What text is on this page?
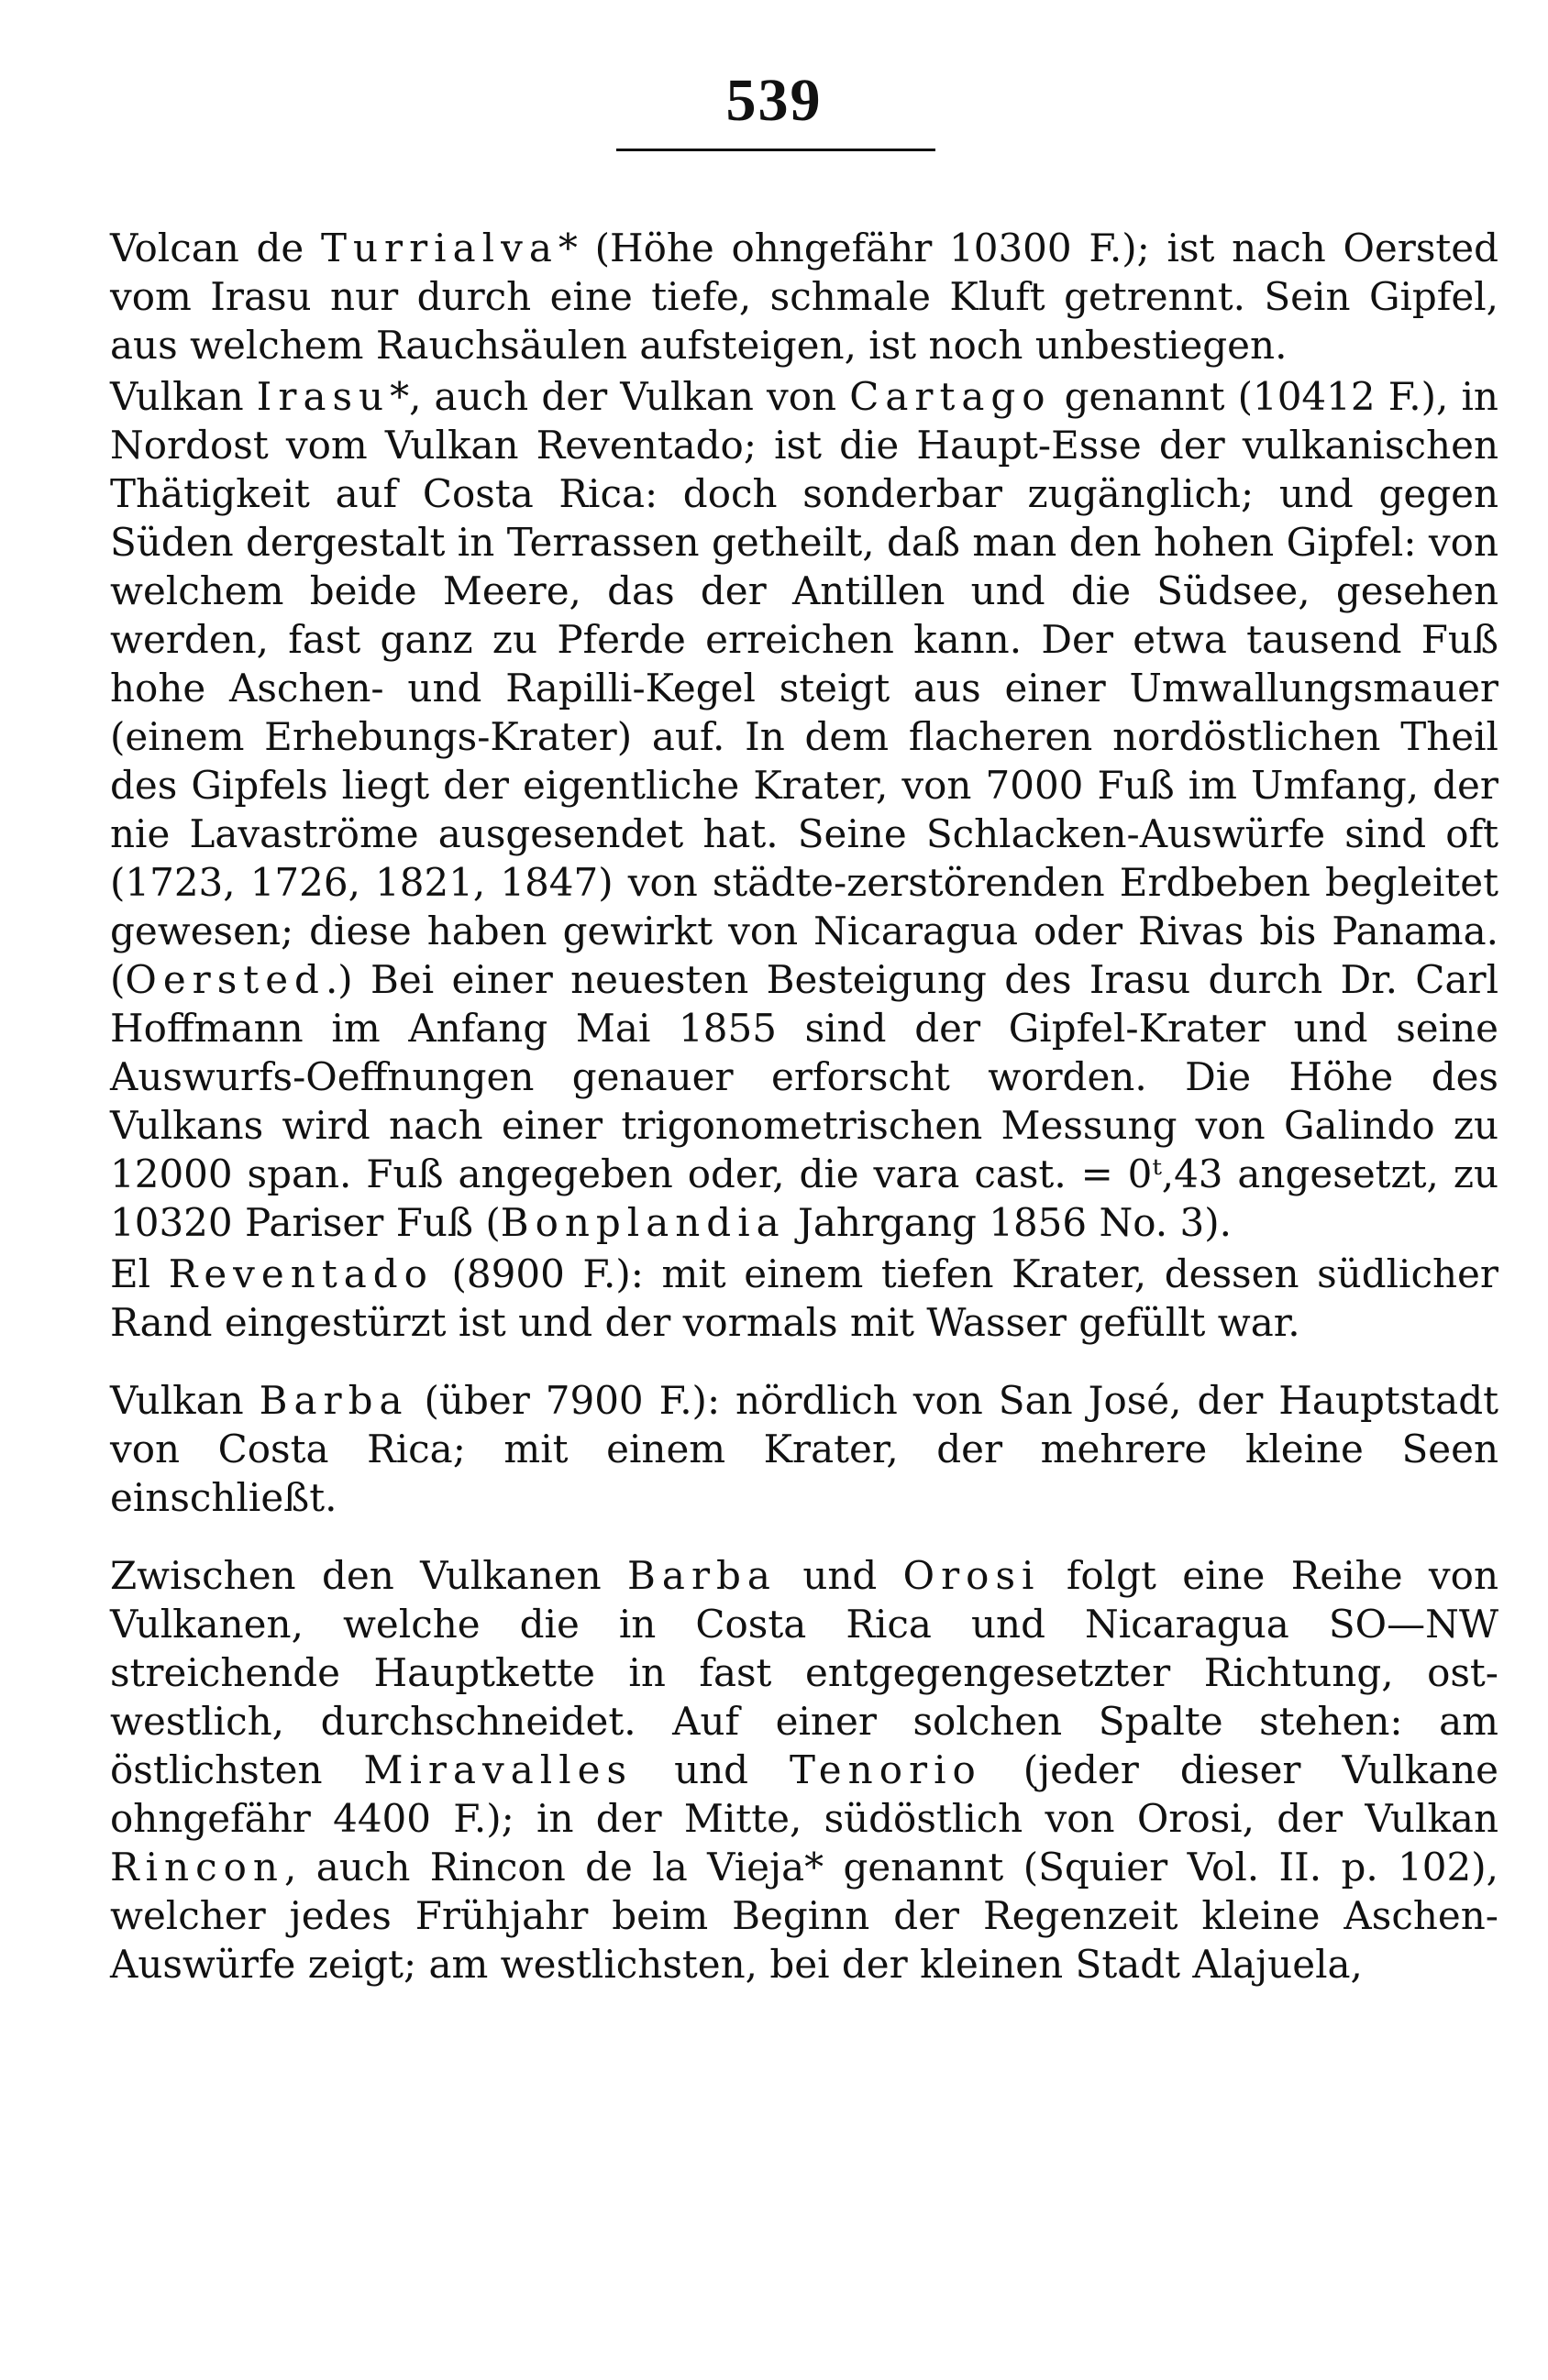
539

Volcan de Turrialva* (Höhe ohngefähr 10300 F.); ist nach Oersted vom Irasu nur durch eine tiefe, schmale Kluft getrennt. Sein Gipfel, aus welchem Rauchsäulen aufsteigen, ist noch unbestiegen.

Vulkan Irasu*, auch der Vulkan von Cartago genannt (10412 F.), in Nordost vom Vulkan Reventado; ist die Haupt-Esse der vulkanischen Thätigkeit auf Costa Rica: doch sonderbar zugänglich; und gegen Süden dergestalt in Terrassen getheilt, daß man den hohen Gipfel: von welchem beide Meere, das der Antillen und die Südsee, gesehen werden, fast ganz zu Pferde erreichen kann. Der etwa tausend Fuß hohe Aschen- und Rapilli-Kegel steigt aus einer Umwallungsmauer (einem Erhebungs-Krater) auf. In dem flacheren nordöstlichen Theil des Gipfels liegt der eigentliche Krater, von 7000 Fuß im Umfang, der nie Lavaströme ausgesendet hat. Seine Schlacken-Auswürfe sind oft (1723, 1726, 1821, 1847) von städte-zerstörenden Erdbeben begleitet gewesen; diese haben gewirkt von Nicaragua oder Rivas bis Panama. (Oersted.) Bei einer neuesten Besteigung des Irasu durch Dr. Carl Hoffmann im Anfang Mai 1855 sind der Gipfel-Krater und seine Auswurfs-Oeffnungen genauer erforscht worden. Die Höhe des Vulkans wird nach einer trigonometrischen Messung von Galindo zu 12000 span. Fuß angegeben oder, die vara cast. = 0ᵗ,43 angesetzt, zu 10320 Pariser Fuß (Bonplandia Jahrgang 1856 No. 3).

El Reventado (8900 F.): mit einem tiefen Krater, dessen südlicher Rand eingestürzt ist und der vormals mit Wasser gefüllt war.

Vulkan Barba (über 7900 F.): nördlich von San José, der Hauptstadt von Costa Rica; mit einem Krater, der mehrere kleine Seen einschließt.

Zwischen den Vulkanen Barba und Orosi folgt eine Reihe von Vulkanen, welche die in Costa Rica und Nicaragua SO—NW streichende Hauptkette in fast entgegengesetzter Richtung, ost-westlich, durchschneidet. Auf einer solchen Spalte stehen: am östlichsten Miravalles und Tenorio (jeder dieser Vulkane ohngefähr 4400 F.); in der Mitte, südöstlich von Orosi, der Vulkan Rincon, auch Rincon de la Vieja* genannt (Squier Vol. II. p. 102), welcher jedes Frühjahr beim Beginn der Regenzeit kleine Aschen-Auswürfe zeigt; am westlichsten, bei der kleinen Stadt Alajuela,
